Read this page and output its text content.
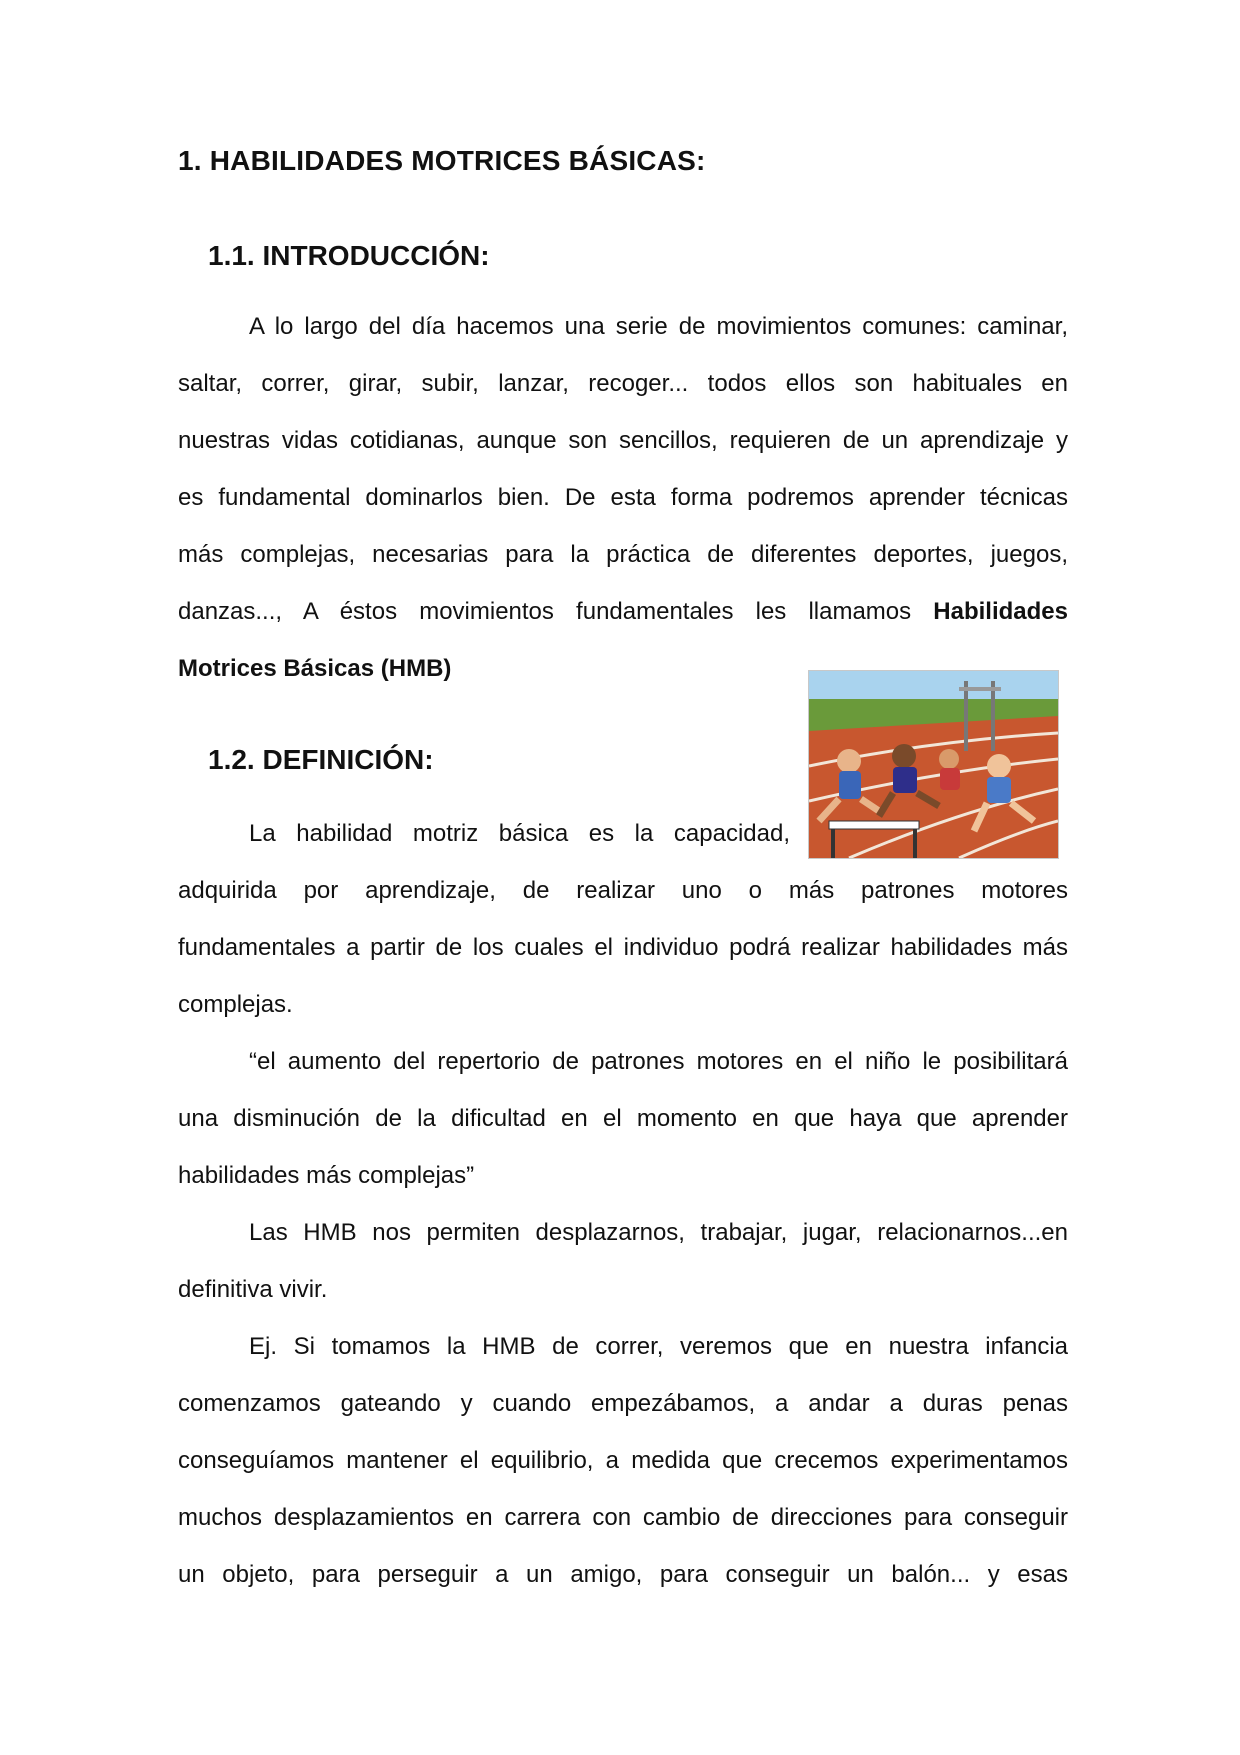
1. HABILIDADES MOTRICES BÁSICAS:
1.1. INTRODUCCIÓN:
A lo largo del día hacemos una serie de movimientos comunes: caminar,
saltar, correr, girar, subir, lanzar, recoger... todos ellos son habituales en
nuestras vidas cotidianas, aunque son sencillos, requieren de un aprendizaje y
es fundamental dominarlos bien. De esta forma podremos aprender técnicas
más complejas, necesarias para la práctica de diferentes deportes, juegos,
danzas..., A éstos movimientos fundamentales les llamamos Habilidades
Motrices Básicas (HMB)
1.2. DEFINICIÓN:
La habilidad motriz básica es la capacidad,
adquirida por aprendizaje, de realizar uno o más patrones motores
fundamentales a partir de los cuales el individuo podrá realizar habilidades más
complejas.
“el aumento del repertorio de patrones motores en el niño le posibilitará
una disminución de la dificultad en el momento en que haya que aprender
habilidades más complejas”
Las HMB nos permiten desplazarnos, trabajar, jugar, relacionarnos...en
definitiva vivir.
Ej. Si tomamos la HMB de correr, veremos que en nuestra infancia
comenzamos gateando y cuando empezábamos, a andar a duras penas
conseguíamos mantener el equilibrio, a medida que crecemos experimentamos
muchos desplazamientos en carrera con cambio de direcciones para conseguir
un objeto, para perseguir a un amigo, para conseguir un balón... y esas
